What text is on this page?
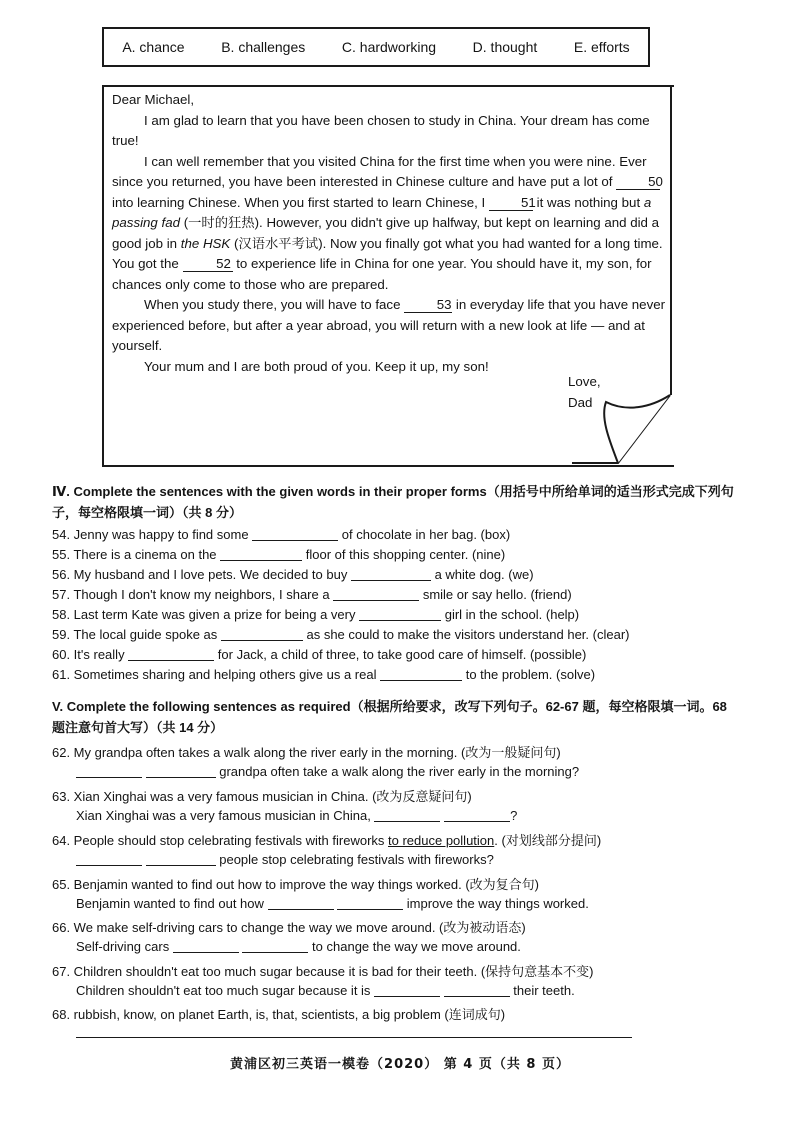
A. chance	B. challenges	C. hardworking	D. thought	E. efforts

Dear Michael,

I am glad to learn that you have been chosen to study in China. Your dream has come true!

I can well remember that you visited China for the first time when you were nine. Ever since you returned, you have been interested in Chinese culture and have put a lot of 50 into learning Chinese. When you first started to learn Chinese, I 51 it was nothing but a passing fad (一时的狂热). However, you didn't give up halfway, but kept on learning and did a good job in the HSK (汉语水平考试). Now you finally got what you had wanted for a long time. You got the	52 to experience life in China for one year. You should have it, my son, for chances only come to those who are prepared.

When you study there, you will have to face 53 in everyday life that you have never experienced before, but after a year abroad, you will return with a new look at life — and at yourself.

Your mum and I are both proud of you. Keep it up, my son!

Love,
Dad
Ⅳ. Complete the sentences with the given words in their proper forms（用括号中所给单词的适当形式完成下列句子，每空格限填一词）（共 8 分）
54. Jenny was happy to find some	of chocolate in her bag. (box)
55. There is a cinema on the	floor of this shopping center. (nine)
56. My husband and I love pets. We decided to buy	a white dog. (we)
57. Though I don't know my neighbors, I share a	smile or say hello. (friend)
58. Last term Kate was given a prize for being a very	girl in the school. (help)
59. The local guide spoke as	as she could to make the visitors understand her. (clear)
60. It's really	for Jack, a child of three, to take good care of himself. (possible)
61. Sometimes sharing and helping others give us a real	to the problem. (solve)
V. Complete the following sentences as required（根据所给要求，改写下列句子。62-67 题，每空格限填一词。68 题注意句首大写）（共 14 分）
62. My grandpa often takes a walk along the river early in the morning. (改为一般疑问句)
grandpa often take a walk along the river early in the morning?
63. Xian Xinghai was a very famous musician in China. (改为反意疑问句)
Xian Xinghai was a very famous musician in China,	?
64. People should stop celebrating festivals with fireworks to reduce pollution. (对划线部分提问)
people stop celebrating festivals with fireworks?
65. Benjamin wanted to find out how to improve the way things worked. (改为复合句)
Benjamin wanted to find out how	improve the way things worked.
66. We make self-driving cars to change the way we move around. (改为被动语态)
Self-driving cars	to change the way we move around.
67. Children shouldn't eat too much sugar because it is bad for their teeth. (保持句意基本不变)
Children shouldn't eat too much sugar because it is	their teeth.
68. rubbish, know, on planet Earth, is, that, scientists, a big problem (连词成句)
黄浦区初三英语一模卷（2020） 第 4 页（共 8 页）
